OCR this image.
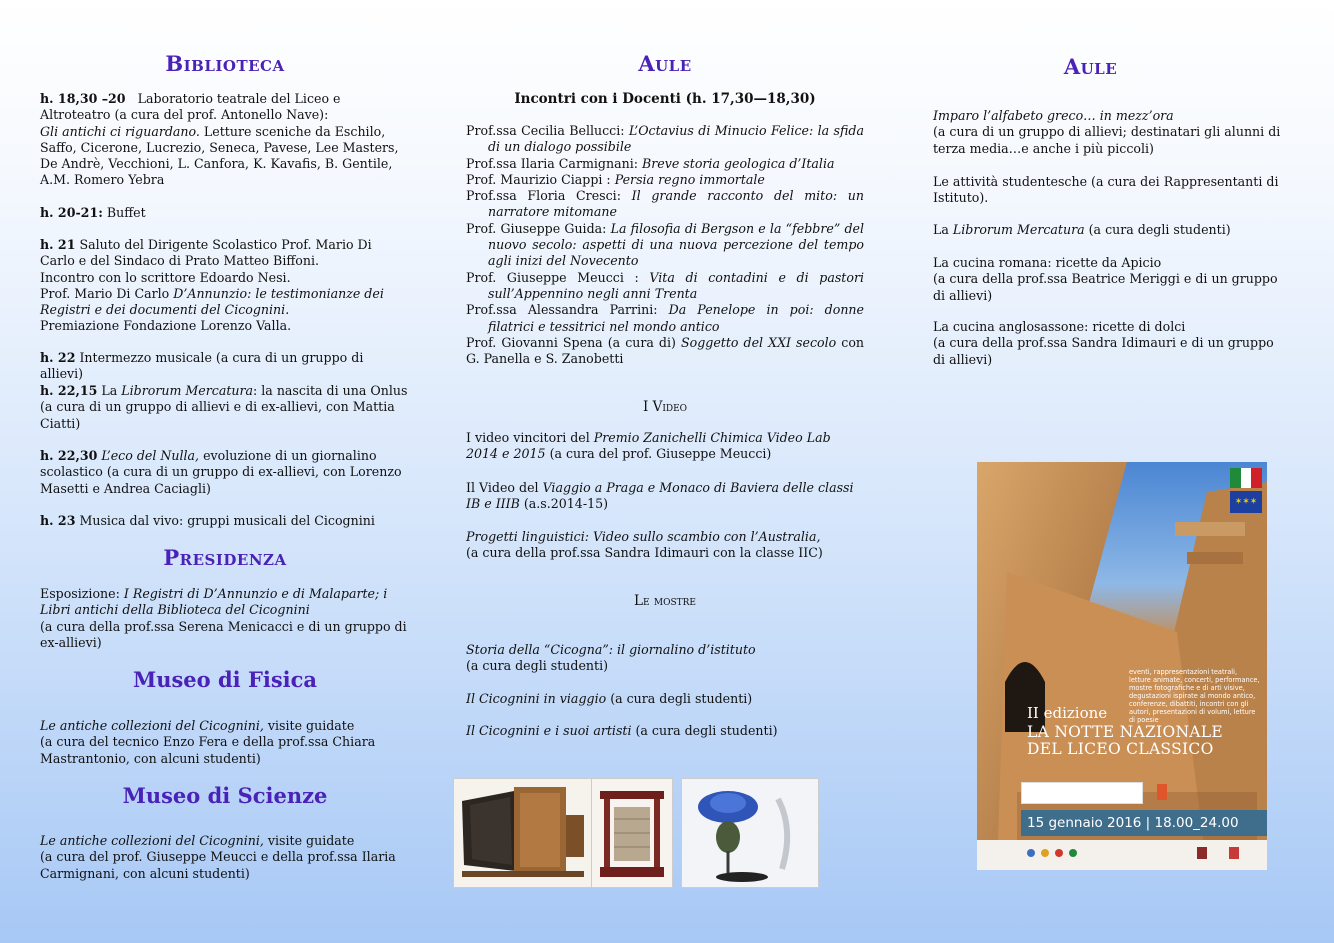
Biblioteca
h. 18,30 –20 Laboratorio teatrale del Liceo e Altroteatro (a cura del prof. Antonello Nave):
Gli antichi ci riguardano. Letture sceniche da Eschilo, Saffo, Cicerone, Lucrezio, Seneca, Pavese, Lee Masters, De Andrè, Vecchioni, L. Canfora, K. Kavafis, B. Gentile, A.M. Romero Yebra
h. 20-21: Buffet
h. 21 Saluto del Dirigente Scolastico Prof. Mario Di Carlo e del Sindaco di Prato Matteo Biffoni.
Incontro con lo scrittore Edoardo Nesi.
Prof. Mario Di Carlo D’Annunzio: le testimonianze dei Registri e dei documenti del Cicognini.
Premiazione Fondazione Lorenzo Valla.
h. 22 Intermezzo musicale (a cura di un gruppo di allievi)
h. 22,15 La Librorum Mercatura: la nascita di una Onlus (a cura di un gruppo di allievi e di ex-allievi, con Mattia Ciatti)
h. 22,30 L’eco del Nulla, evoluzione di un giornalino scolastico (a cura di un gruppo di ex-allievi, con Lorenzo Masetti e Andrea Caciagli)
h. 23 Musica dal vivo: gruppi musicali del Cicognini
Presidenza
Esposizione: I Registri di D’Annunzio e di Malaparte; i Libri antichi della Biblioteca del Cicognini
(a cura della prof.ssa Serena Menicacci e di un gruppo di ex-allievi)
Museo di Fisica
Le antiche collezioni del Cicognini, visite guidate
(a cura del tecnico Enzo Fera e della prof.ssa Chiara Mastrantonio, con alcuni studenti)
Museo di Scienze
Le antiche collezioni del Cicognini, visite guidate
(a cura del prof. Giuseppe Meucci e della prof.ssa Ilaria Carmignani, con alcuni studenti)
Aule
Incontri con i Docenti (h. 17,30—18,30)
Prof.ssa Cecilia Bellucci: L’Octavius di Minucio Felice: la sfida di un dialogo possibile
Prof.ssa Ilaria Carmignani: Breve storia geologica d’Italia
Prof. Maurizio Ciappi : Persia regno immortale
Prof.ssa Floria Cresci: Il grande racconto del mito: un narratore mitomane
Prof. Giuseppe Guida: La filosofia di Bergson e la “febbre” del nuovo secolo: aspetti di una nuova percezione del tempo agli inizi del Novecento
Prof. Giuseppe Meucci : Vita di contadini e di pastori sull’Appennino negli anni Trenta
Prof.ssa Alessandra Parrini: Da Penelope in poi: donne filatrici e tessitrici nel mondo antico
Prof. Giovanni Spena (a cura di) Soggetto del XXI secolo con G. Panella e S. Zanobetti
I Video
I video vincitori del Premio Zanichelli Chimica Video Lab 2014 e 2015 (a cura del prof. Giuseppe Meucci)
Il Video del Viaggio a Praga e Monaco di Baviera delle classi IB e IIIB (a.s.2014-15)
Progetti linguistici: Video sullo scambio con l’Australia,
(a cura della prof.ssa Sandra Idimauri con la classe IIC)
Le mostre
Storia della “Cicogna”: il giornalino d’istituto
(a cura degli studenti)
Il Cicognini in viaggio (a cura degli studenti)
Il Cicognini e i suoi artisti (a cura degli studenti)
Aule
Imparo l’alfabeto greco… in mezz’ora
(a cura di un gruppo di allievi; destinatari gli alunni di terza media…e anche i più piccoli)
Le attività studentesche (a cura dei Rappresentanti di Istituto).
La Librorum Mercatura (a cura degli studenti)
La cucina romana: ricette da Apicio
(a cura della prof.ssa Beatrice Meriggi e di un gruppo di allievi)
La cucina anglosassone: ricette di dolci
(a cura della prof.ssa Sandra Idimauri e di un gruppo di allievi)
✶✶✶
eventi, rappresentazioni teatrali, letture animate, concerti, performance, mostre fotografiche e di arti visive, degustazioni ispirate al mondo antico, conferenze, dibattiti, incontri con gli autori, presentazioni di volumi, letture di poesie
II edizione
LA NOTTE NAZIONALE
DEL LICEO CLASSICO
15 gennaio 2016 | 18.00_24.00
